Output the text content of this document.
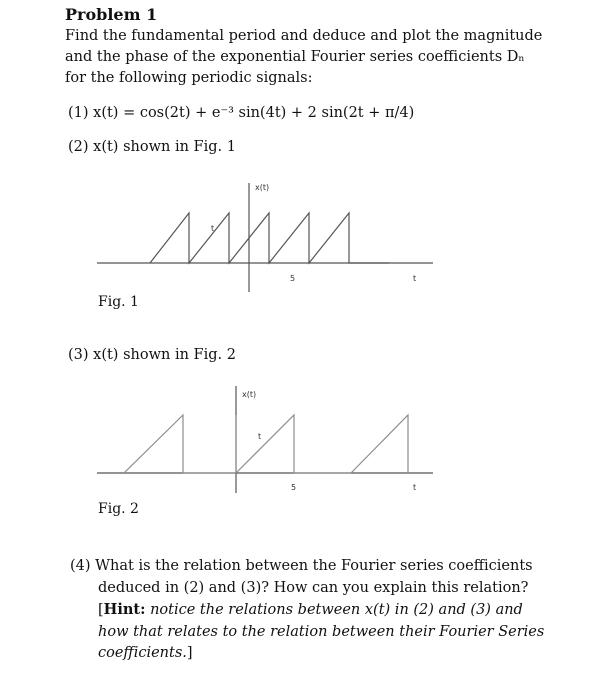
Problem 1
Find the fundamental period and deduce and plot the magnitude
and the phase of the exponential Fourier series coefficients Dₙ
for the following periodic signals:
(1) x(t) = cos(2t) + e⁻³ sin(4t) + 2 sin(2t + π/4)
(2) x(t) shown in Fig. 1
x(t)
t
5	t
x(t)
t
5	t
Fig. 1
(3) x(t) shown in Fig. 2
Fig. 2
(4) What is the relation between the Fourier series coefficients
deduced in (2) and (3)? How can you explain this relation?
[Hint: notice the relations between x(t) in (2) and (3) and
how that relates to the relation between their Fourier Series
coefficients.]
